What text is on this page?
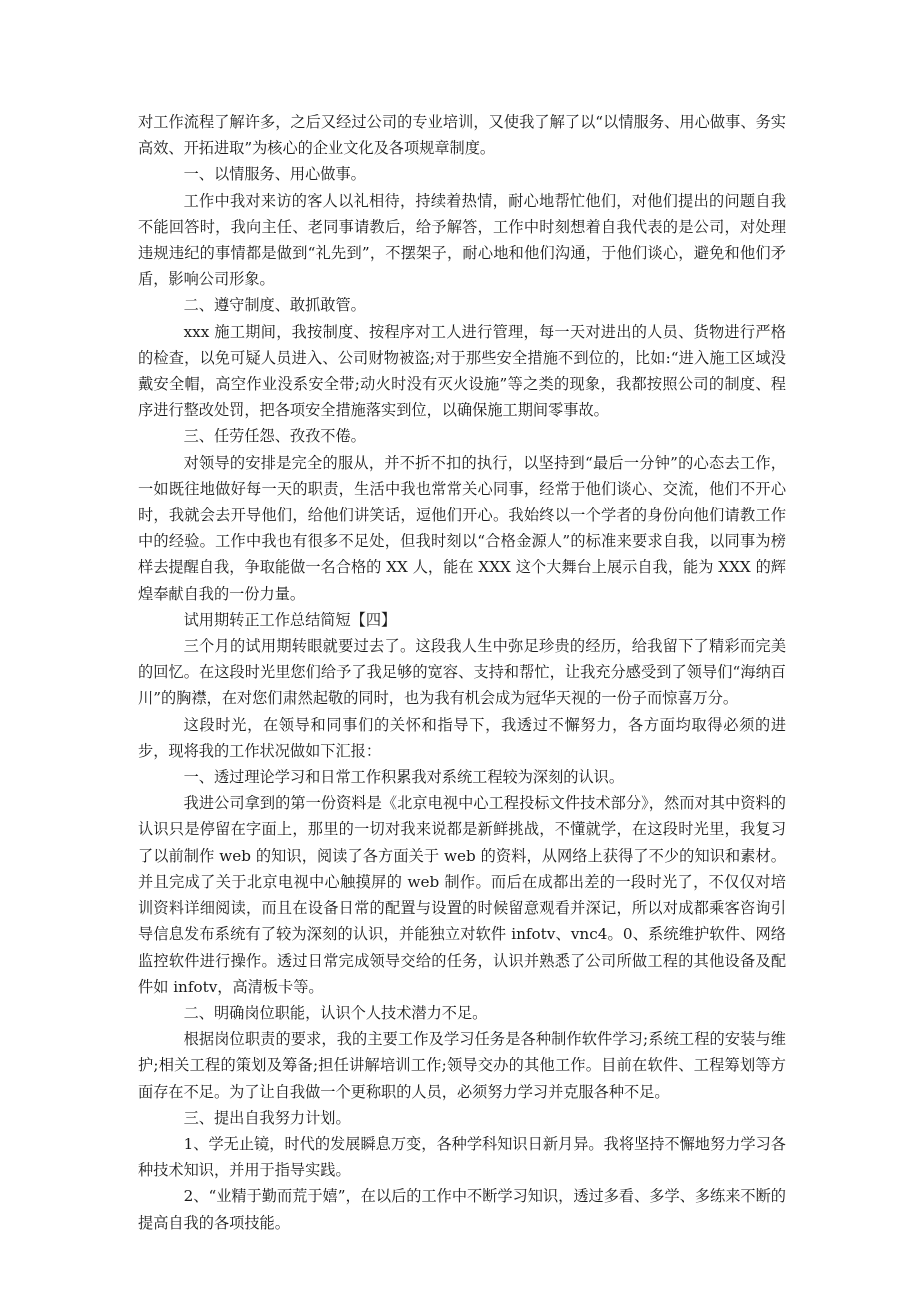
对工作流程了解许多，之后又经过公司的专业培训，又使我了解了以“以情服务、用心做事、务实高效、开拓进取”为核心的企业文化及各项规章制度。

一、以情服务、用心做事。

工作中我对来访的客人以礼相待，持续着热情，耐心地帮忙他们，对他们提出的问题自我不能回答时，我向主任、老同事请教后，给予解答，工作中时刻想着自我代表的是公司，对处理违规违纪的事情都是做到“礼先到”，不摆架子，耐心地和他们沟通，于他们谈心，避免和他们矛盾，影响公司形象。

二、遵守制度、敢抓敢管。

xxx 施工期间，我按制度、按程序对工人进行管理，每一天对进出的人员、货物进行严格的检查，以免可疑人员进入、公司财物被盗;对于那些安全措施不到位的，比如:“进入施工区域没戴安全帽，高空作业没系安全带;动火时没有灭火设施”等之类的现象，我都按照公司的制度、程序进行整改处罚，把各项安全措施落实到位，以确保施工期间零事故。

三、任劳任怨、孜孜不倦。

对领导的安排是完全的服从，并不折不扣的执行，以坚持到“最后一分钟”的心态去工作，一如既往地做好每一天的职责，生活中我也常常关心同事，经常于他们谈心、交流，他们不开心时，我就会去开导他们，给他们讲笑话，逗他们开心。我始终以一个学者的身份向他们请教工作中的经验。工作中我也有很多不足处，但我时刻以“合格金源人”的标准来要求自我，以同事为榜样去提醒自我，争取能做一名合格的 XX 人，能在 XXX 这个大舞台上展示自我，能为 XXX 的辉煌奉献自我的一份力量。

试用期转正工作总结简短【四】

三个月的试用期转眼就要过去了。这段我人生中弥足珍贵的经历，给我留下了精彩而完美的回忆。在这段时光里您们给予了我足够的宽容、支持和帮忙，让我充分感受到了领导们“海纳百川”的胸襟，在对您们肃然起敬的同时，也为我有机会成为冠华天视的一份子而惊喜万分。

这段时光，在领导和同事们的关怀和指导下，我透过不懈努力，各方面均取得必须的进步，现将我的工作状况做如下汇报：

一、透过理论学习和日常工作积累我对系统工程较为深刻的认识。

我进公司拿到的第一份资料是《北京电视中心工程投标文件技术部分》，然而对其中资料的认识只是停留在字面上，那里的一切对我来说都是新鲜挑战，不懂就学，在这段时光里，我复习了以前制作 web 的知识，阅读了各方面关于 web 的资料，从网络上获得了不少的知识和素材。并且完成了关于北京电视中心触摸屏的 web 制作。而后在成都出差的一段时光了，不仅仅对培训资料详细阅读，而且在设备日常的配置与设置的时候留意观看并深记，所以对成都乘客咨询引导信息发布系统有了较为深刻的认识，并能独立对软件 infotv、vnc4。0、系统维护软件、网络监控软件进行操作。透过日常完成领导交给的任务，认识并熟悉了公司所做工程的其他设备及配件如 infotv，高清板卡等。

二、明确岗位职能，认识个人技术潜力不足。

根据岗位职责的要求，我的主要工作及学习任务是各种制作软件学习;系统工程的安装与维护;相关工程的策划及筹备;担任讲解培训工作;领导交办的其他工作。目前在软件、工程筹划等方面存在不足。为了让自我做一个更称职的人员，必须努力学习并克服各种不足。

三、提出自我努力计划。

1、学无止镜，时代的发展瞬息万变，各种学科知识日新月异。我将坚持不懈地努力学习各种技术知识，并用于指导实践。

2、“业精于勤而荒于嬉”，在以后的工作中不断学习知识，透过多看、多学、多练来不断的提高自我的各项技能。
